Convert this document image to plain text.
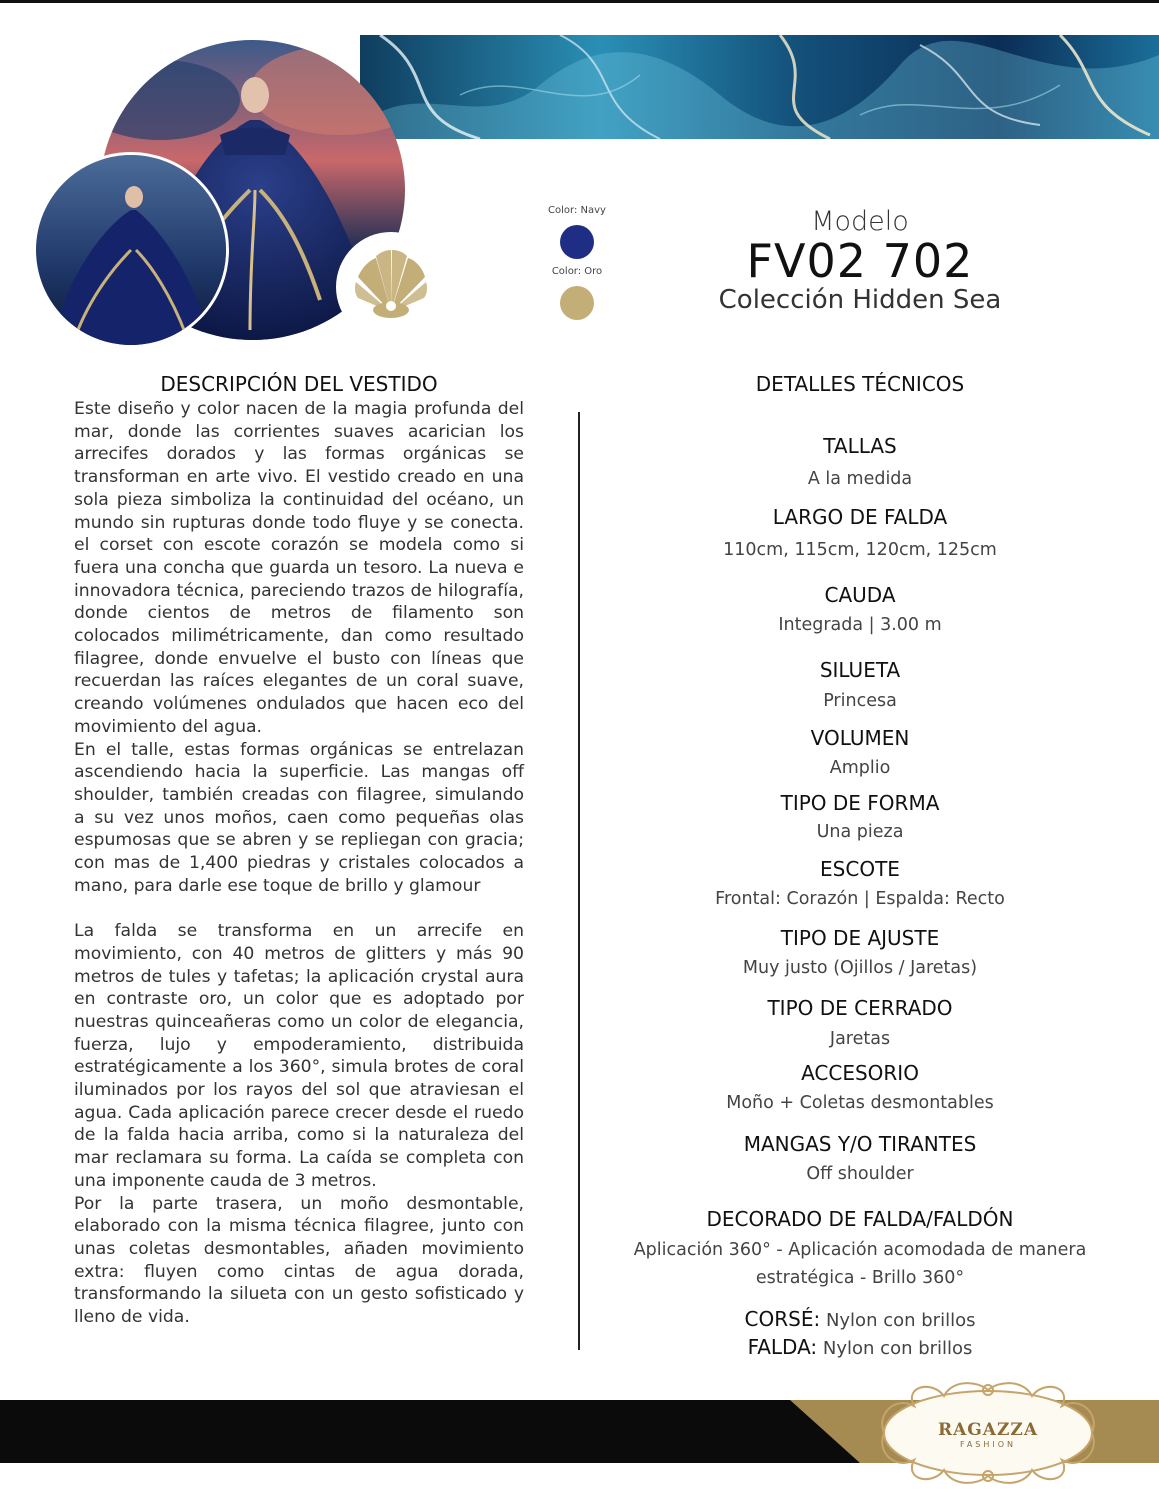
Color: Navy
Color: Oro
Modelo
FV02 702
Colección Hidden Sea
DESCRIPCIÓN DEL VESTIDO	DETALLES TÉCNICOS

Este diseño y color nacen de la magia profunda del mar, donde las corrientes suaves acarician los arrecifes dorados y las formas orgánicas se transforman en arte vivo. El vestido creado en una sola pieza simboliza la continuidad del océano, un mundo sin rupturas donde todo fluye y se conecta. el corset con escote corazón se modela como si fuera una concha que guarda un tesoro. La nueva e innovadora técnica, pareciendo trazos de hilografía, donde cientos de metros de filamento son colocados milimétricamente, dan como resultado filagree, donde envuelve el busto con líneas que recuerdan las raíces elegantes de un coral suave, creando volúmenes ondulados que hacen eco del movimiento del agua.

En el talle, estas formas orgánicas se entrelazan ascendiendo hacia la superficie. Las mangas off shoulder, también creadas con filagree, simulando a su vez unos moños, caen como pequeñas olas espumosas que se abren y se repliegan con gracia; con mas de 1,400 piedras y cristales colocados a mano, para darle ese toque de brillo y glamour

La falda se transforma en un arrecife en movimiento, con 40 metros de glitters y más 90 metros de tules y tafetas; la aplicación crystal aura en contraste oro, un color que es adoptado por nuestras quinceañeras como un color de elegancia, fuerza, lujo y empoderamiento, distribuida estratégicamente a los 360°, simula brotes de coral iluminados por los rayos del sol que atraviesan el agua. Cada aplicación parece crecer desde el ruedo de la falda hacia arriba, como si la naturaleza del mar reclamara su forma. La caída se completa con una imponente cauda de 3 metros.

Por la parte trasera, un moño desmontable, elaborado con la misma técnica filagree, junto con unas coletas desmontables, añaden movimiento extra: fluyen como cintas de agua dorada, transformando la silueta con un gesto sofisticado y lleno de vida.

TALLAS
A la medida
LARGO DE FALDA
110cm, 115cm, 120cm, 125cm
CAUDA
Integrada | 3.00 m
SILUETA
Princesa
VOLUMEN
Amplio
TIPO DE FORMA
Una pieza
ESCOTE
Frontal: Corazón | Espalda: Recto
TIPO DE AJUSTE
Muy justo (Ojillos / Jaretas)
TIPO DE CERRADO
Jaretas
ACCESORIO
Moño + Coletas desmontables
MANGAS Y/O TIRANTES
Off shoulder
DECORADO DE FALDA/FALDÓN
Aplicación 360° - Aplicación acomodada de manera
estratégica - Brillo 360°
CORSÉ: Nylon con brillos
FALDA: Nylon con brillos
RAGAZZA
FASHION
